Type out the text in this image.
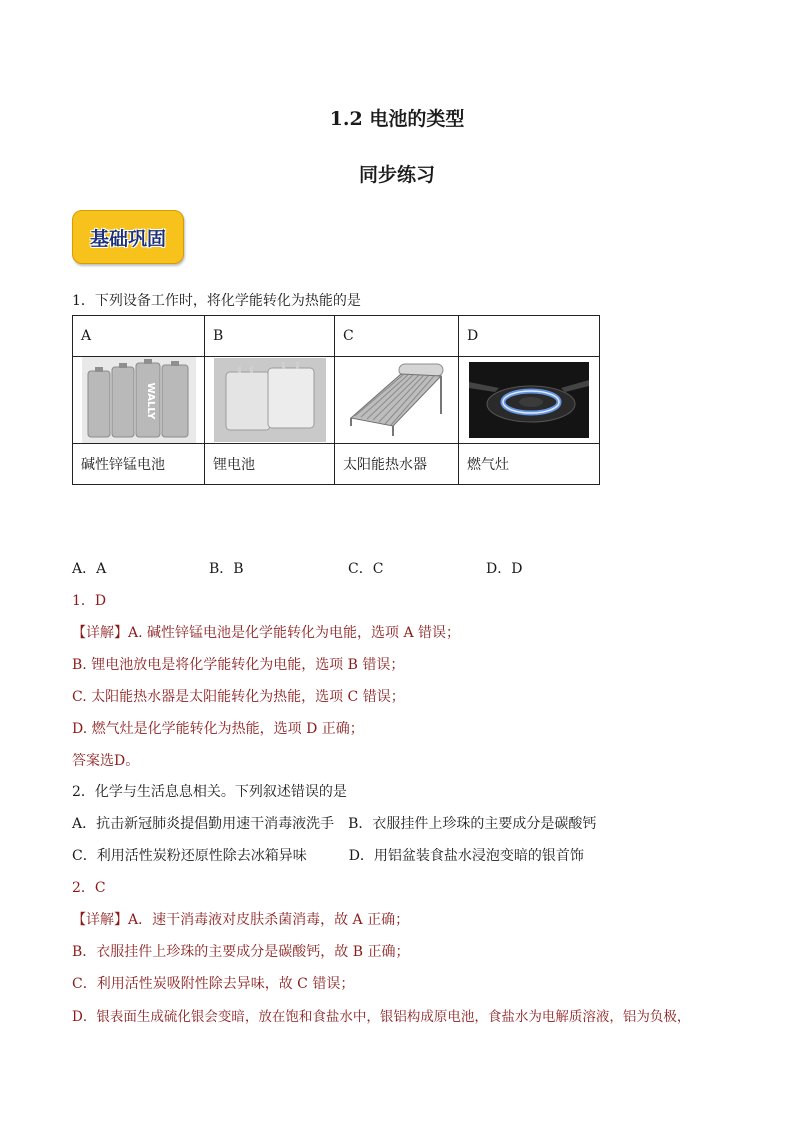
1.2 电池的类型
同步练习
基础巩固
1．下列设备工作时，将化学能转化为热能的是
A	B	C	D

WALLY

碱性锌锰电池	锂电池	太阳能热水器	燃气灶
A．A	B．B	C．C	D．D
1．D
【详解】A. 碱性锌锰电池是化学能转化为电能，选项 A 错误；
B. 锂电池放电是将化学能转化为电能，选项 B 错误；
C. 太阳能热水器是太阳能转化为热能，选项 C 错误；
D. 燃气灶是化学能转化为热能，选项 D 正确；
答案选D。
2．化学与生活息息相关。下列叙述错误的是
A．抗击新冠肺炎提倡勤用速干消毒液洗手　B．衣服挂件上珍珠的主要成分是碳酸钙
C．利用活性炭粉还原性除去冰箱异味　　　D．用铝盆装食盐水浸泡变暗的银首饰
2．C
【详解】A．速干消毒液对皮肤杀菌消毒，故 A 正确；
B．衣服挂件上珍珠的主要成分是碳酸钙，故 B 正确；
C．利用活性炭吸附性除去异味，故 C 错误；
D．银表面生成硫化银会变暗，放在饱和食盐水中，银铝构成原电池，食盐水为电解质溶液，铝为负极，
